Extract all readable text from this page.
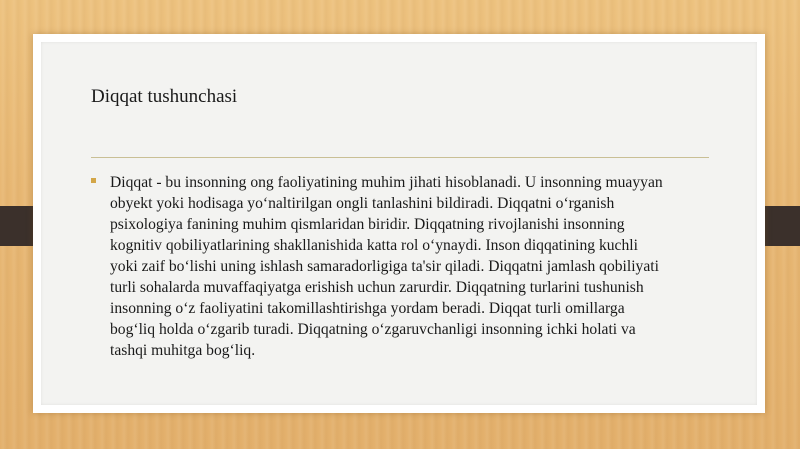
Diqqat tushunchasi

Diqqat - bu insonning ong faoliyatining muhim jihati hisoblanadi. U insonning muayyan
obyekt yoki hodisaga yo‘naltirilgan ongli tanlashini bildiradi. Diqqatni o‘rganish
psixologiya fanining muhim qismlaridan biridir. Diqqatning rivojlanishi insonning
kognitiv qobiliyatlarining shakllanishida katta rol o‘ynaydi. Inson diqqatining kuchli
yoki zaif bo‘lishi uning ishlash samaradorligiga ta'sir qiladi. Diqqatni jamlash qobiliyati
turli sohalarda muvaffaqiyatga erishish uchun zarurdir. Diqqatning turlarini tushunish
insonning o‘z faoliyatini takomillashtirishga yordam beradi. Diqqat turli omillarga
bog‘liq holda o‘zgarib turadi. Diqqatning o‘zgaruvchanligi insonning ichki holati va
tashqi muhitga bog‘liq.
